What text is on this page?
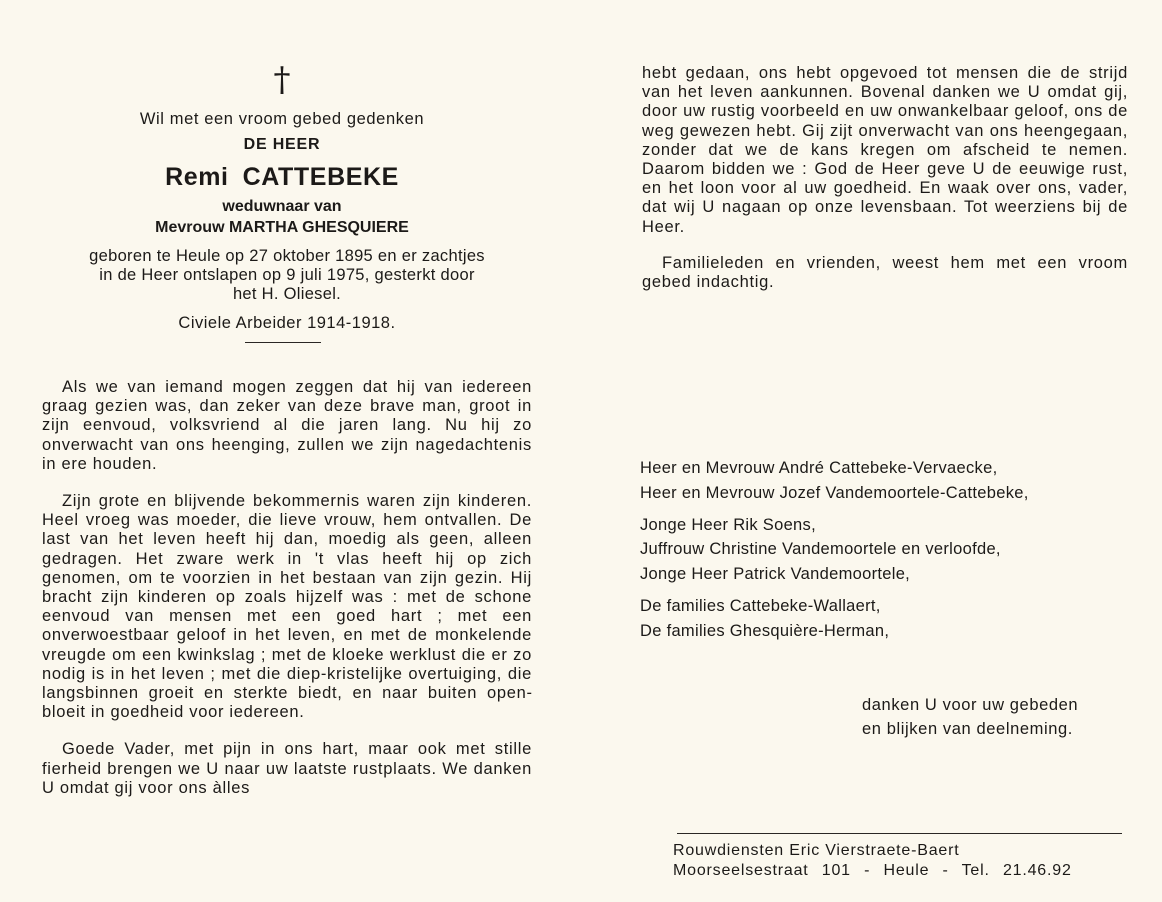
†
Wil met een vroom gebed gedenken
DE HEER
Remi CATTEBEKE
weduwnaar van
Mevrouw MARTHA GHESQUIERE
geboren te Heule op 27 oktober 1895 en er zachtjes
in de Heer ontslapen op 9 juli 1975, gesterkt door
het H. Oliesel.
Civiele Arbeider 1914-1918.

Als we van iemand mogen zeggen dat hij van iedereen graag gezien was, dan zeker van deze brave man, groot in zijn eenvoud, volksvriend al die jaren lang. Nu hij zo onverwacht van ons heenging, zullen we zijn nagedachtenis in ere houden.

Zijn grote en blijvende bekommernis waren zijn kinderen. Heel vroeg was moeder, die lieve vrouw, hem ontvallen. De last van het leven heeft hij dan, moedig als geen, alleen gedragen. Het zware werk in 't vlas heeft hij op zich genomen, om te voorzien in het bestaan van zijn gezin. Hij bracht zijn kinderen op zoals hijzelf was : met de schone eenvoud van mensen met een goed hart ; met een onverwoestbaar geloof in het leven, en met de monkelende vreugde om een kwinkslag ; met de kloeke werklust die er zo nodig is in het leven ; met die diep-kristelijke overtuiging, die langsbinnen groeit en sterkte biedt, en naar buiten openbloeit in goedheid voor iedereen.

Goede Vader, met pijn in ons hart, maar ook met stille fierheid brengen we U naar uw laatste rustplaats. We danken U omdat gij voor ons àlles

hebt gedaan, ons hebt opgevoed tot mensen die de strijd van het leven aankunnen. Bovenal danken we U omdat gij, door uw rustig voorbeeld en uw onwankelbaar geloof, ons de weg gewezen hebt. Gij zijt onverwacht van ons heengegaan, zonder dat we de kans kregen om afscheid te nemen. Daarom bidden we : God de Heer geve U de eeuwige rust, en het loon voor al uw goedheid. En waak over ons, vader, dat wij U nagaan op onze levensbaan. Tot weerziens bij de Heer.

Familieleden en vrienden, weest hem met een vroom gebed indachtig.

Heer en Mevrouw André Cattebeke-Vervaecke,
Heer en Mevrouw Jozef Vandemoortele-Cattebeke,
Jonge Heer Rik Soens,
Juffrouw Christine Vandemoortele en verloofde,
Jonge Heer Patrick Vandemoortele,
De families Cattebeke-Wallaert,
De families Ghesquière-Herman,
danken U voor uw gebeden
en blijken van deelneming.
Rouwdiensten Eric Vierstraete-Baert
Moorseelsestraat 101 - Heule - Tel. 21.46.92
